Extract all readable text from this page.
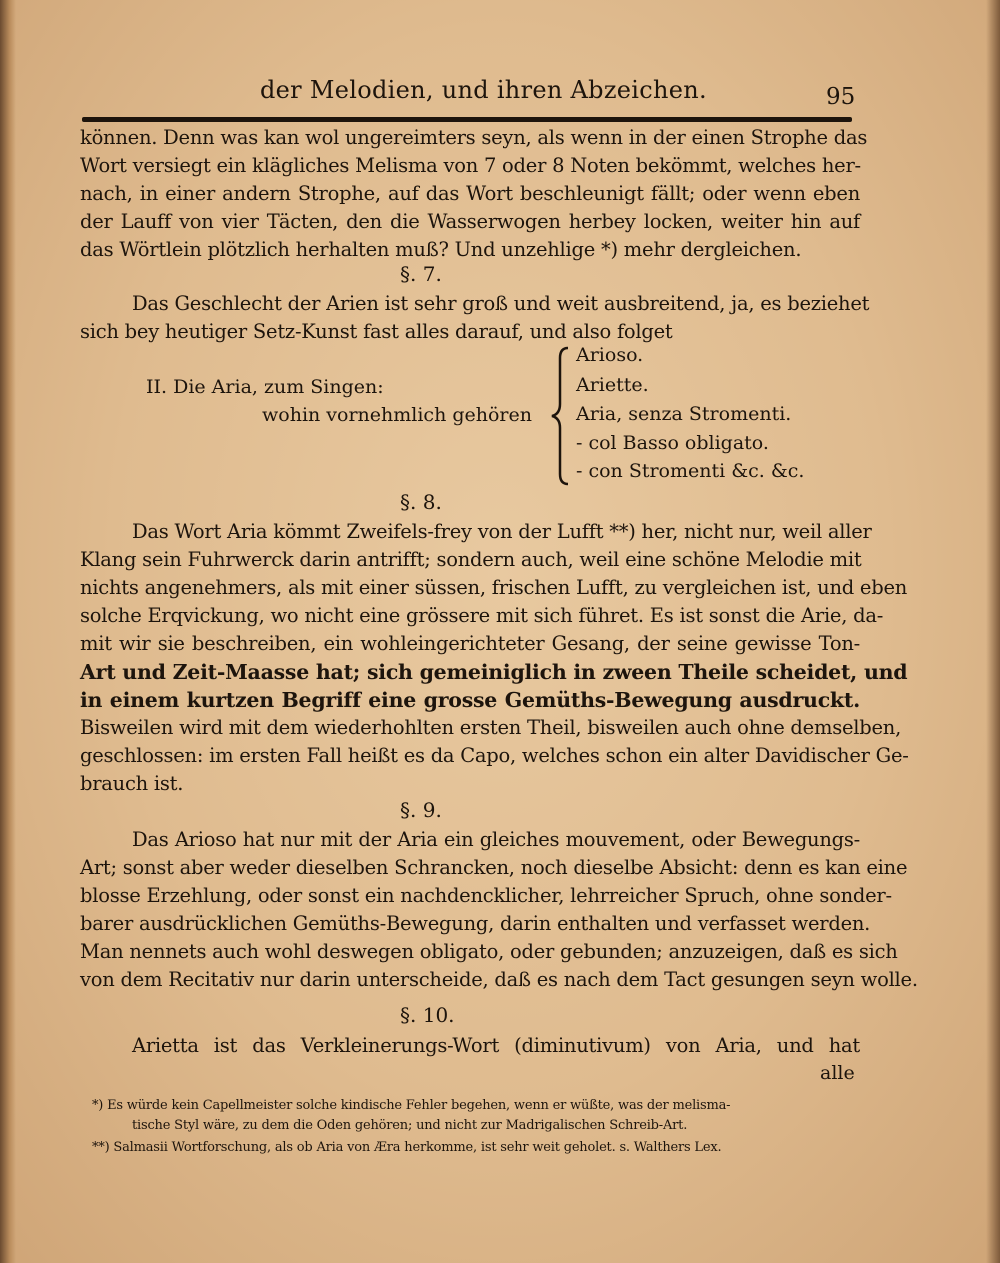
der Melodien, und ihren Abzeichen.	95
können. Denn was kan wol ungereimters seyn, als wenn in der einen Strophe das
Wort versiegt ein klägliches Melisma von 7 oder 8 Noten bekömmt, welches her-
nach, in einer andern Strophe, auf das Wort beschleunigt fällt; oder wenn eben
der Lauff von vier Täcten, den die Wasserwogen herbey locken, weiter hin auf
das Wörtlein plötzlich herhalten muß? Und unzehlige *) mehr dergleichen.
§. 7.
Das Geschlecht der Arien ist sehr groß und weit ausbreitend, ja, es beziehet
sich bey heutiger Setz-Kunst fast alles darauf, und also folget
II. Die Aria, zum Singen:
wohin vornehmlich gehören
Arioso.
Ariette.
Aria, senza Stromenti.
- col Basso obligato.
- con Stromenti &c. &c.
§. 8.
Das Wort Aria kömmt Zweifels-frey von der Lufft **) her, nicht nur, weil aller
Klang sein Fuhrwerck darin antrifft; sondern auch, weil eine schöne Melodie mit
nichts angenehmers, als mit einer süssen, frischen Lufft, zu vergleichen ist, und eben
solche Erqvickung, wo nicht eine grössere mit sich führet. Es ist sonst die Arie, da-
mit wir sie beschreiben, ein wohleingerichteter Gesang, der seine gewisse Ton-
Art und Zeit-Maasse hat; sich gemeiniglich in zween Theile scheidet, und
in einem kurtzen Begriff eine grosse Gemüths-Bewegung ausdruckt.
Bisweilen wird mit dem wiederhohlten ersten Theil, bisweilen auch ohne demselben,
geschlossen: im ersten Fall heißt es da Capo, welches schon ein alter Davidischer Ge-
brauch ist.
§. 9.
Das Arioso hat nur mit der Aria ein gleiches mouvement, oder Bewegungs-
Art; sonst aber weder dieselben Schrancken, noch dieselbe Absicht: denn es kan eine
blosse Erzehlung, oder sonst ein nachdencklicher, lehrreicher Spruch, ohne sonder-
barer ausdrücklichen Gemüths-Bewegung, darin enthalten und verfasset werden.
Man nennets auch wohl deswegen obligato, oder gebunden; anzuzeigen, daß es sich
von dem Recitativ nur darin unterscheide, daß es nach dem Tact gesungen seyn wolle.
§. 10.
Arietta ist das Verkleinerungs-Wort (diminutivum) von Aria, und hat
alle
*) Es würde kein Capellmeister solche kindische Fehler begehen, wenn er wüßte, was der melisma-
tische Styl wäre, zu dem die Oden gehören; und nicht zur Madrigalischen Schreib-Art.
**) Salmasii Wortforschung, als ob Aria von Æra herkomme, ist sehr weit geholet. s. Walthers Lex.
